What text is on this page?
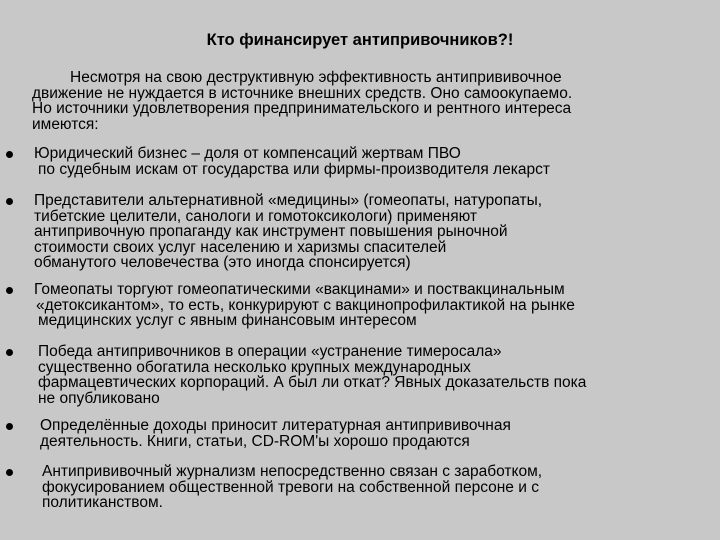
Кто финансирует антипривочников?!
Несмотря на свою деструктивную эффективность антипрививочное
движение не нуждается в источнике внешних средств. Оно самоокупаемо.
Но источники удовлетворения предпринимательского и рентного интереса
имеются:
Юридический бизнес – доля от компенсаций жертвам ПВО
по судебным искам от государства или фирмы-производителя лекарст
Представители альтернативной «медицины» (гомеопаты, натуропаты,
тибетские целители, санологи и гомотоксикологи) применяют
антипривочную пропаганду как инструмент повышения рыночной
стоимости своих услуг населению и харизмы спасителей
обманутого человечества (это иногда спонсируется)
Гомеопаты торгуют гомеопатическими «вакцинами» и поствакцинальным
«детоксикантом», то есть, конкурируют с вакцинопрофилактикой на рынке
медицинских услуг с явным финансовым интересом
Победа антипривочников в операции «устранение тимеросала»
существенно обогатила несколько крупных международных
фармацевтических корпораций. А был ли откат? Явных доказательств пока
не опубликовано
Определённые доходы приносит литературная антипрививочная
деятельность. Книги, статьи, CD-ROM'ы хорошо продаются
Антипрививочный журнализм непосредственно связан с заработком,
фокусированием общественной тревоги на собственной персоне и с
политиканством.
